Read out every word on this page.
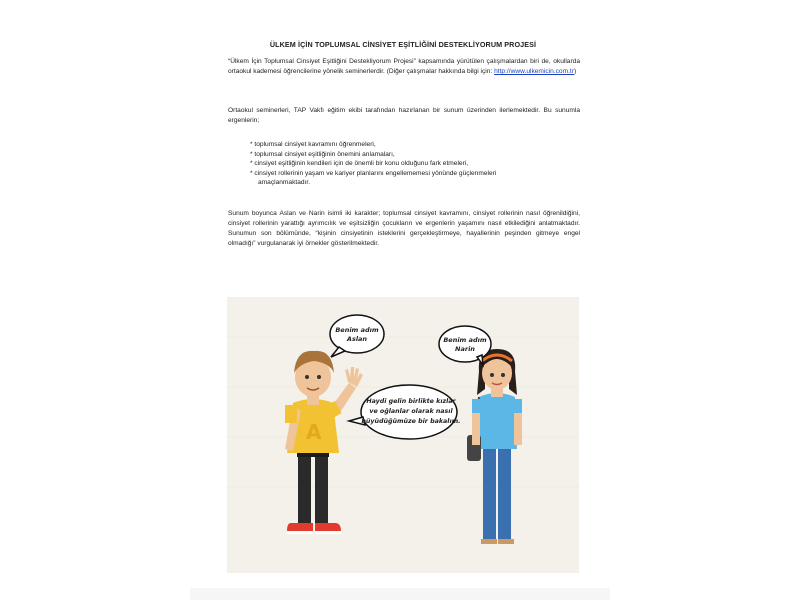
ÜLKEM İÇİN TOPLUMSAL CİNSİYET EŞİTLİĞİNİ DESTEKLİYORUM PROJESİ
“Ülkem İçin Toplumsal Cinsiyet Eşitliğini Destekliyorum Projesi” kapsamında yürütülen çalışmalardan biri de, okullarda ortaokul kademesi öğrencilerine yönelik seminerlerdir. (Diğer çalışmalar hakkında bilgi için: http://www.ulkemicin.com.tr)
Ortaokul seminerleri, TAP Vakfı eğitim ekibi tarafından hazırlanan bir sunum üzerinden ilerlemektedir. Bu sunumla ergenlerin;
* toplumsal cinsiyet kavramını öğrenmeleri,
* toplumsal cinsiyet eşitliğinin önemini anlamaları,
* cinsiyet eşitliğinin kendileri için de önemli bir konu olduğunu fark etmeleri,
* cinsiyet rollerinin yaşam ve kariyer planlarını engellememesi yönünde güçlenmeleri
amaçlanmaktadır.
Sunum boyunca Aslan ve Narin isimli iki karakter; toplumsal cinsiyet kavramını, cinsiyet rollerinin nasıl öğrenildiğini, cinsiyet rollerinin yarattığı ayrımcılık ve eşitsizliğin çocukların ve ergenlerin yaşamını nasıl etkilediğini anlatmaktadır. Sunumun son bölümünde, “kişinin cinsiyetinin isteklerini gerçekleştirmeye, hayallerinin peşinden gitmeye engel olmadığı” vurgulanarak iyi örnekler gösterilmektedir.
A
Benim adım
Aslan	Benim adım
Narin
Haydi gelin birlikte kızlar
ve oğlanlar olarak nasıl
büyüdüğümüze bir bakalım.
